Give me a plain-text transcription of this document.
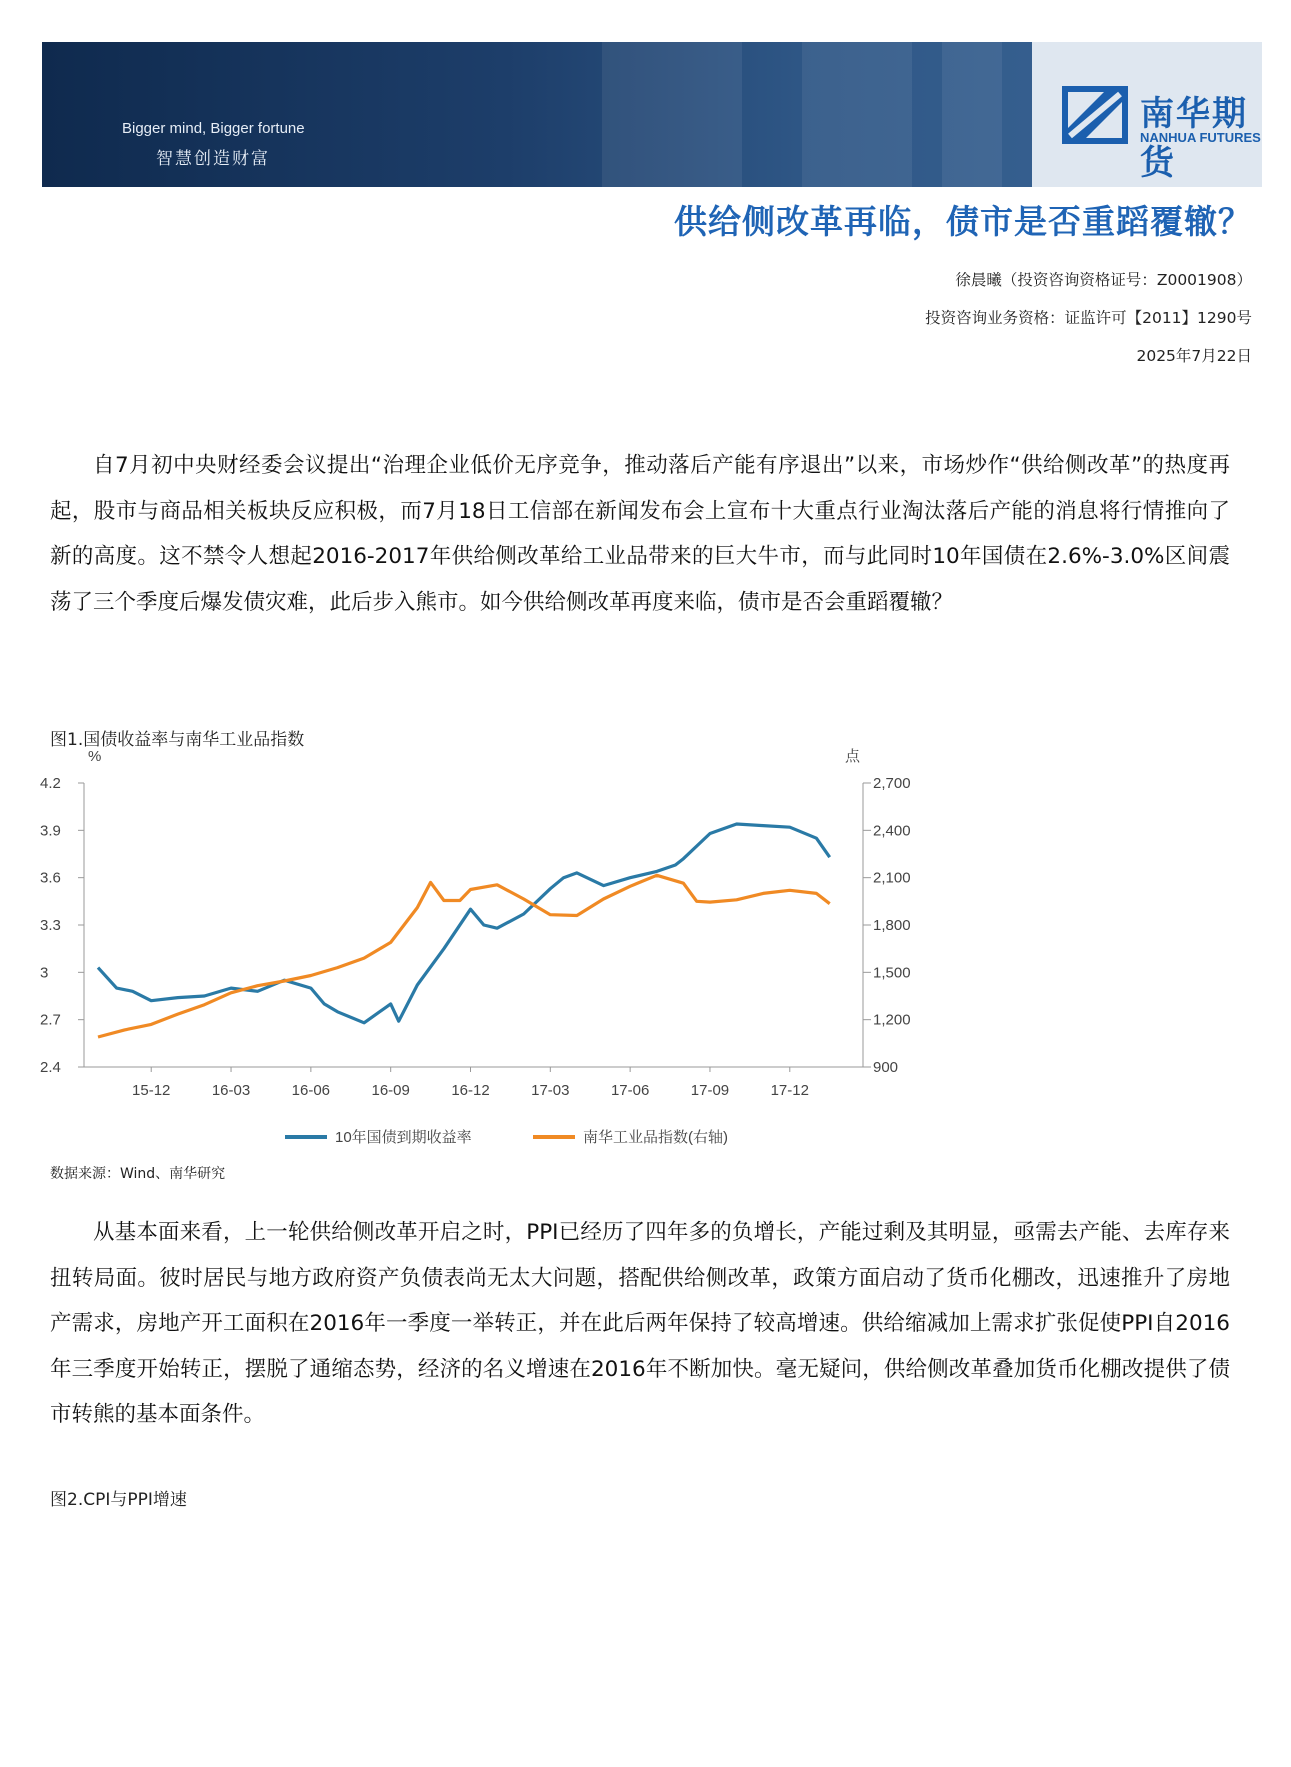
Bigger mind, Bigger fortune
智慧创造财富
南华期货
NANHUA FUTURES
供给侧改革再临，债市是否重蹈覆辙？
徐晨曦（投资咨询资格证号：Z0001908）
投资咨询业务资格：证监许可【2011】1290号
2025年7月22日

自7月初中央财经委会议提出“治理企业低价无序竞争，推动落后产能有序退出”以来，市场炒作“供给侧改革”的热度再起，股市与商品相关板块反应积极，而7月18日工信部在新闻发布会上宣布十大重点行业淘汰落后产能的消息将行情推向了新的高度。这不禁令人想起2016-2017年供给侧改革给工业品带来的巨大牛市，而与此同时10年国债在2.6%-3.0%区间震荡了三个季度后爆发债灾难，此后步入熊市。如今供给侧改革再度来临，债市是否会重蹈覆辙？

图1.国债收益率与南华工业品指数
%	点
4.2
3.9
3.6
3.3
3
2.7
2.4
2,700
2,400
2,100
1,800
1,500
1,200
900
15-12	16-03	16-06	16-09	16-12	17-03	17-06	17-09	17-12
10年国债到期收益率	南华工业品指数(右轴)
数据来源：Wind、南华研究

从基本面来看，上一轮供给侧改革开启之时，PPI已经历了四年多的负增长，产能过剩及其明显，亟需去产能、去库存来扭转局面。彼时居民与地方政府资产负债表尚无太大问题，搭配供给侧改革，政策方面启动了货币化棚改，迅速推升了房地产需求，房地产开工面积在2016年一季度一举转正，并在此后两年保持了较高增速。供给缩减加上需求扩张促使PPI自2016年三季度开始转正，摆脱了通缩态势，经济的名义增速在2016年不断加快。毫无疑问，供给侧改革叠加货币化棚改提供了债市转熊的基本面条件。

图2.CPI与PPI增速
